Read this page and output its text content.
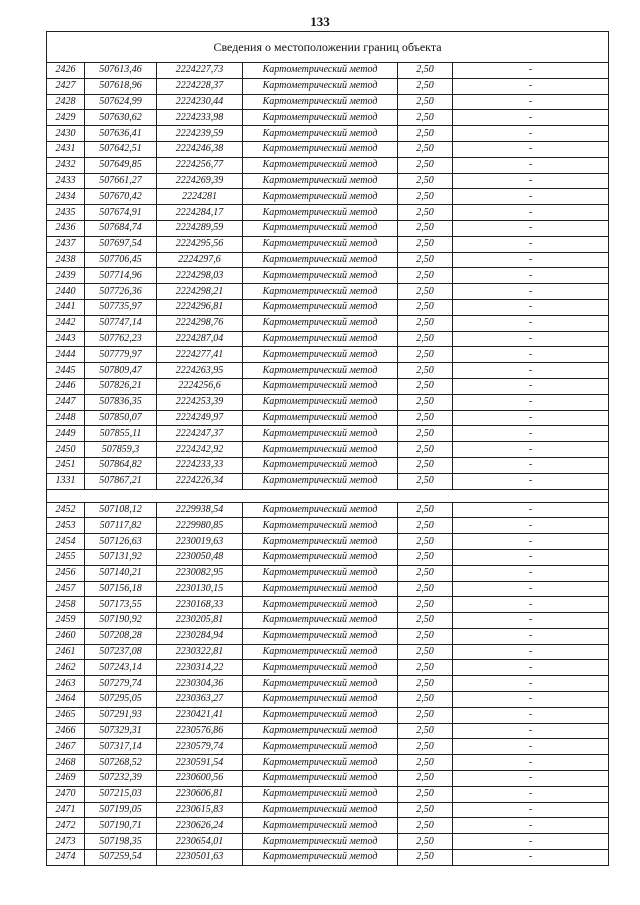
133
Сведения о местоположении границ объекта					
2426	507613,46	2224227,73	Картометрический метод	2,50	-
2427	507618,96	2224228,37	Картометрический метод	2,50	-
2428	507624,99	2224230,44	Картометрический метод	2,50	-
2429	507630,62	2224233,98	Картометрический метод	2,50	-
2430	507636,41	2224239,59	Картометрический метод	2,50	-
2431	507642,51	2224246,38	Картометрический метод	2,50	-
2432	507649,85	2224256,77	Картометрический метод	2,50	-
2433	507661,27	2224269,39	Картометрический метод	2,50	-
2434	507670,42	2224281	Картометрический метод	2,50	-
2435	507674,91	2224284,17	Картометрический метод	2,50	-
2436	507684,74	2224289,59	Картометрический метод	2,50	-
2437	507697,54	2224295,56	Картометрический метод	2,50	-
2438	507706,45	2224297,6	Картометрический метод	2,50	-
2439	507714,96	2224298,03	Картометрический метод	2,50	-
2440	507726,36	2224298,21	Картометрический метод	2,50	-
2441	507735,97	2224296,81	Картометрический метод	2,50	-
2442	507747,14	2224298,76	Картометрический метод	2,50	-
2443	507762,23	2224287,04	Картометрический метод	2,50	-
2444	507779,97	2224277,41	Картометрический метод	2,50	-
2445	507809,47	2224263,95	Картометрический метод	2,50	-
2446	507826,21	2224256,6	Картометрический метод	2,50	-
2447	507836,35	2224253,39	Картометрический метод	2,50	-
2448	507850,07	2224249,97	Картометрический метод	2,50	-
2449	507855,11	2224247,37	Картометрический метод	2,50	-
2450	507859,3	2224242,92	Картометрический метод	2,50	-
2451	507864,82	2224233,33	Картометрический метод	2,50	-
1331	507867,21	2224226,34	Картометрический метод	2,50	-

2452	507108,12	2229938,54	Картометрический метод	2,50	-
2453	507117,82	2229980,85	Картометрический метод	2,50	-
2454	507126,63	2230019,63	Картометрический метод	2,50	-
2455	507131,92	2230050,48	Картометрический метод	2,50	-
2456	507140,21	2230082,95	Картометрический метод	2,50	-
2457	507156,18	2230130,15	Картометрический метод	2,50	-
2458	507173,55	2230168,33	Картометрический метод	2,50	-
2459	507190,92	2230205,81	Картометрический метод	2,50	-
2460	507208,28	2230284,94	Картометрический метод	2,50	-
2461	507237,08	2230322,81	Картометрический метод	2,50	-
2462	507243,14	2230314,22	Картометрический метод	2,50	-
2463	507279,74	2230304,36	Картометрический метод	2,50	-
2464	507295,05	2230363,27	Картометрический метод	2,50	-
2465	507291,93	2230421,41	Картометрический метод	2,50	-
2466	507329,31	2230576,86	Картометрический метод	2,50	-
2467	507317,14	2230579,74	Картометрический метод	2,50	-
2468	507268,52	2230591,54	Картометрический метод	2,50	-
2469	507232,39	2230600,56	Картометрический метод	2,50	-
2470	507215,03	2230606,81	Картометрический метод	2,50	-
2471	507199,05	2230615,83	Картометрический метод	2,50	-
2472	507190,71	2230626,24	Картометрический метод	2,50	-
2473	507198,35	2230654,01	Картометрический метод	2,50	-
2474	507259,54	2230501,63	Картометрический метод	2,50	-
